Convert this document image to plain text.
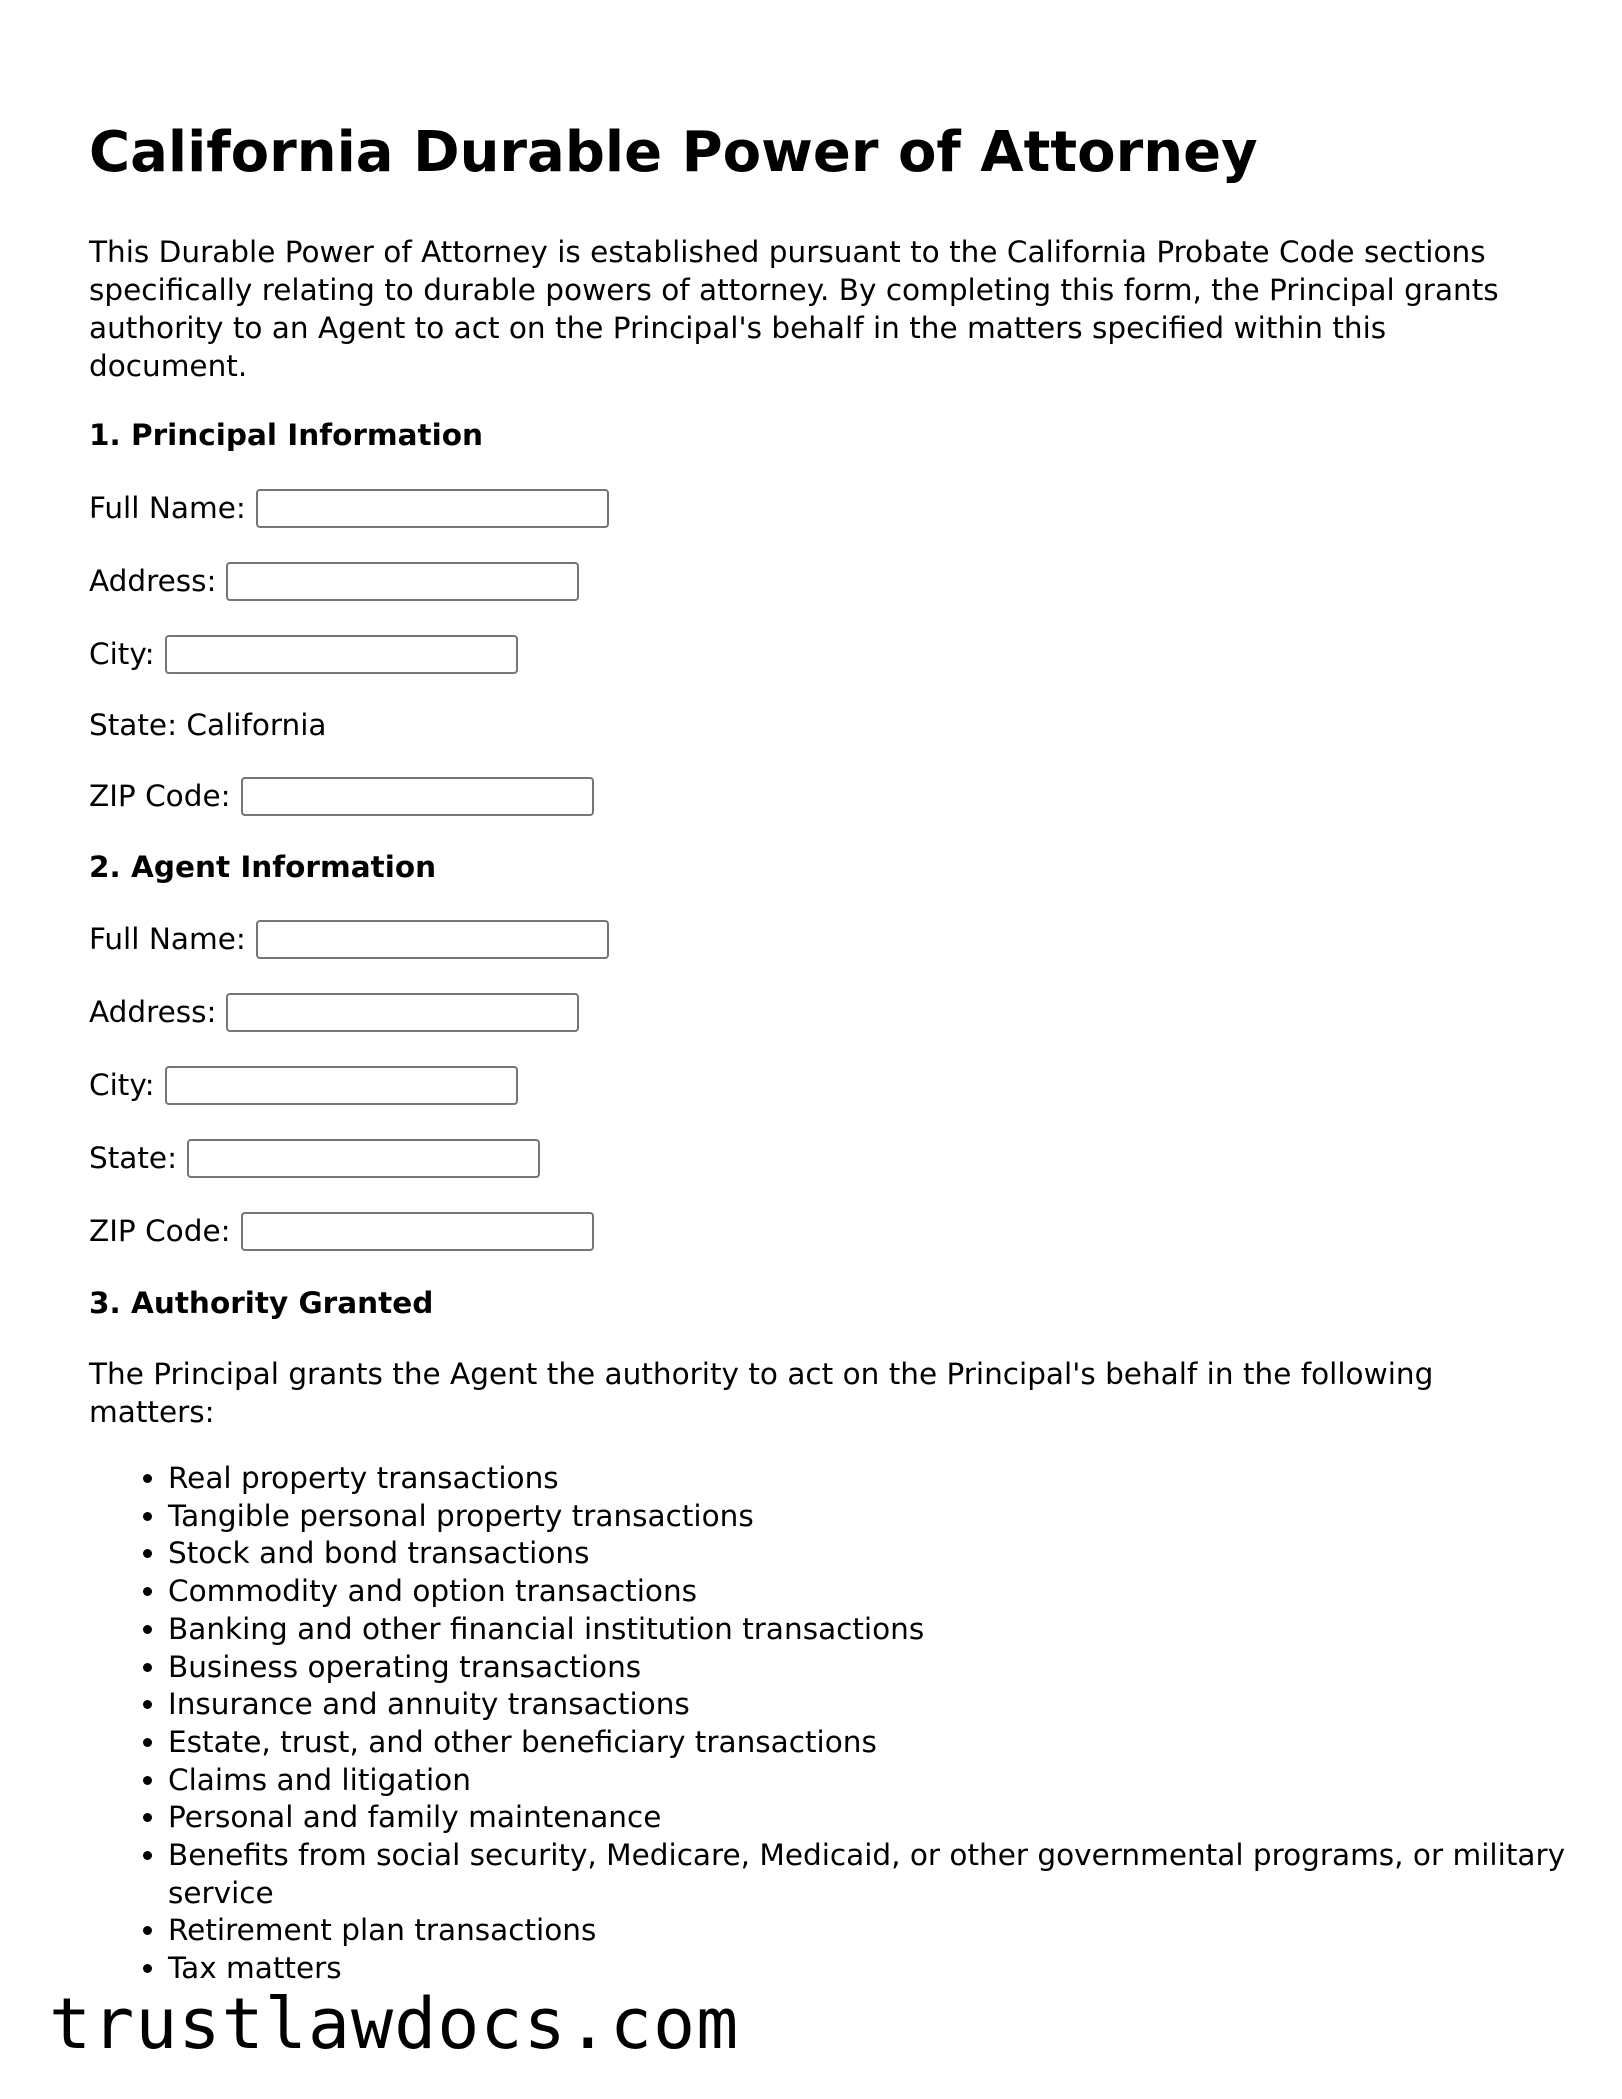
California Durable Power of Attorney

This Durable Power of Attorney is established pursuant to the California Probate Code sections specifically relating to durable powers of attorney. By completing this form, the Principal grants authority to an Agent to act on the Principal's behalf in the matters specified within this document.

1. Principal Information
Full Name:
Address:
City:
State: California
ZIP Code:
2. Agent Information
Full Name:
Address:
City:
State:
ZIP Code:
3. Authority Granted

The Principal grants the Agent the authority to act on the Principal's behalf in the following matters:

• Real property transactions
• Tangible personal property transactions
• Stock and bond transactions
• Commodity and option transactions
• Banking and other financial institution transactions
• Business operating transactions
• Insurance and annuity transactions
• Estate, trust, and other beneficiary transactions
• Claims and litigation
• Personal and family maintenance
• Benefits from social security, Medicare, Medicaid, or other governmental programs, or military service
• Retirement plan transactions
• Tax matters
trustlawdocs.com
